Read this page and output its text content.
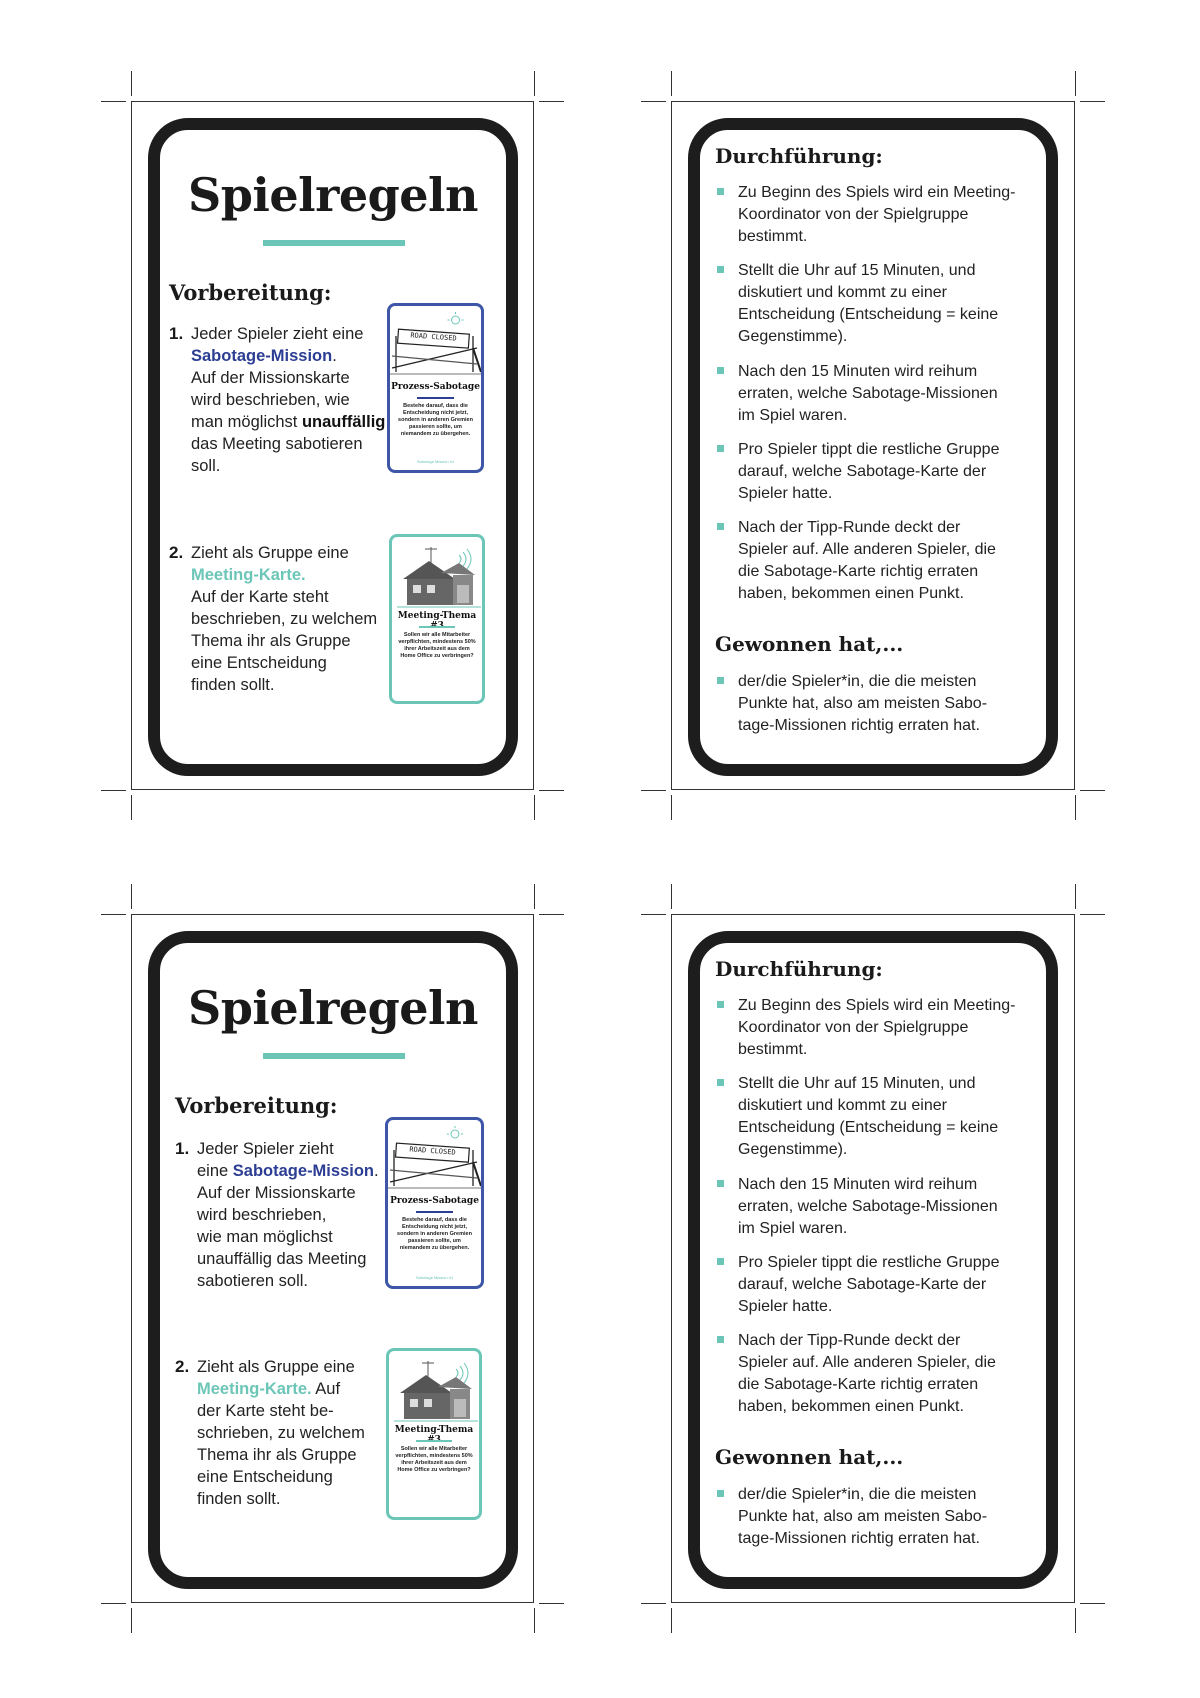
Spielregeln
Vorbereitung:
1. Jeder Spieler zieht eine
Sabotage-Mission.
Auf der Missionskarte
wird beschrieben, wie
man möglichst unauffällig
das Meeting sabotieren
soll.
ROAD CLOSED
Prozess-Sabotage
Bestehe darauf, dass die Entscheidung nicht jetzt, sondern in anderen Gremien passieren sollte, um niemandem zu übergehen.
Sabotage Mission #1
2. Zieht als Gruppe eine
Meeting-Karte.
Auf der Karte steht
beschrieben, zu welchem
Thema ihr als Gruppe
eine Entscheidung
finden sollt.
Meeting-Thema
Sollen wir alle Mitarbeiter verpflichten, mindestens 50% ihrer Arbeitszeit aus dem Home Office zu verbringen?
Durchführung:
Zu Beginn des Spiels wird ein Meeting-
Koordinator von der Spielgruppe
bestimmt.
Stellt die Uhr auf 15 Minuten, und
diskutiert und kommt zu einer
Entscheidung (Entscheidung = keine
Gegenstimme).
Nach den 15 Minuten wird reihum
erraten, welche Sabotage-Missionen
im Spiel waren.
Pro Spieler tippt die restliche Gruppe
darauf, welche Sabotage-Karte der
Spieler hatte.
Nach der Tipp-Runde deckt der
Spieler auf. Alle anderen Spieler, die
die Sabotage-Karte richtig erraten
haben, bekommen einen Punkt.
Gewonnen hat,...
der/die Spieler*in, die die meisten
Punkte hat, also am meisten Sabo-
tage-Missionen richtig erraten hat.
Spielregeln
Vorbereitung:
1. Jeder Spieler zieht
eine Sabotage-Mission.
Auf der Missionskarte
wird beschrieben,
wie man möglichst
unauffällig das Meeting
sabotieren soll.
ROAD CLOSED
Prozess-Sabotage
Bestehe darauf, dass die Entscheidung nicht jetzt, sondern in anderen Gremien passieren sollte, um niemandem zu übergehen.
Sabotage Mission #1
2. Zieht als Gruppe eine
Meeting-Karte. Auf
der Karte steht be-
schrieben, zu welchem
Thema ihr als Gruppe
eine Entscheidung
finden sollt.
Meeting-Thema
Sollen wir alle Mitarbeiter verpflichten, mindestens 50% ihrer Arbeitszeit aus dem Home Office zu verbringen?
Durchführung:
Zu Beginn des Spiels wird ein Meeting-
Koordinator von der Spielgruppe
bestimmt.
Stellt die Uhr auf 15 Minuten, und
diskutiert und kommt zu einer
Entscheidung (Entscheidung = keine
Gegenstimme).
Nach den 15 Minuten wird reihum
erraten, welche Sabotage-Missionen
im Spiel waren.
Pro Spieler tippt die restliche Gruppe
darauf, welche Sabotage-Karte der
Spieler hatte.
Nach der Tipp-Runde deckt der
Spieler auf. Alle anderen Spieler, die
die Sabotage-Karte richtig erraten
haben, bekommen einen Punkt.
Gewonnen hat,...
der/die Spieler*in, die die meisten
Punkte hat, also am meisten Sabo-
tage-Missionen richtig erraten hat.
